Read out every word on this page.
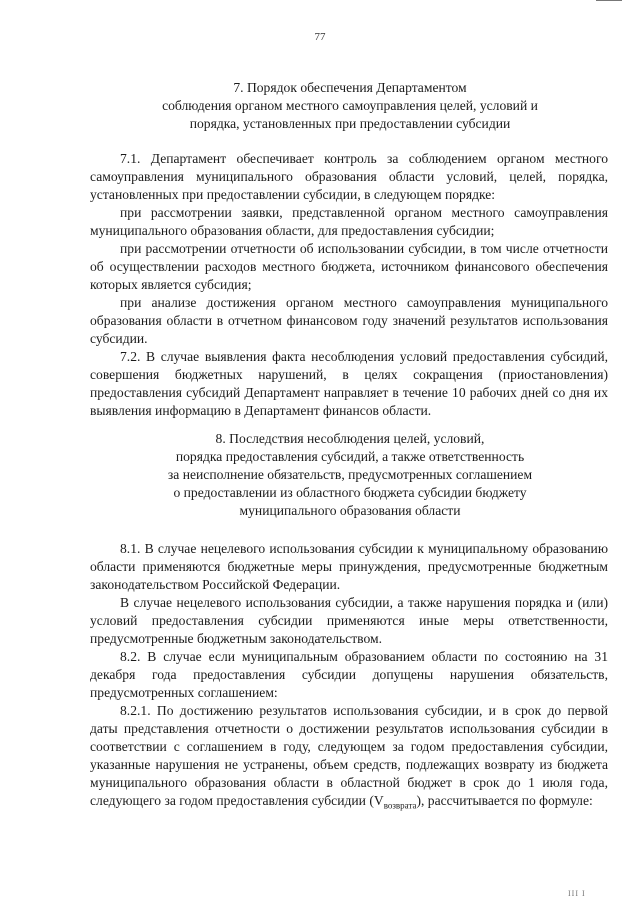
77
7. Порядок обеспечения Департаментом
соблюдения органом местного самоуправления целей, условий и
порядка, установленных при предоставлении субсидии

7.1. Департамент обеспечивает контроль за соблюдением органом местного самоуправления муниципального образования области условий, целей, порядка, установленных при предоставлении субсидии, в следующем порядке:

при рассмотрении заявки, представленной органом местного самоуправления муниципального образования области, для предоставления субсидии;

при рассмотрении отчетности об использовании субсидии, в том числе отчетности об осуществлении расходов местного бюджета, источником финансового обеспечения которых является субсидия;

при анализе достижения органом местного самоуправления муниципального образования области в отчетном финансовом году значений результатов использования субсидии.

7.2. В случае выявления факта несоблюдения условий предоставления субсидий, совершения бюджетных нарушений, в целях сокращения (приостановления) предоставления субсидий Департамент направляет в течение 10 рабочих дней со дня их выявления информацию в Департамент финансов области.

8. Последствия несоблюдения целей, условий,
порядка предоставления субсидий, а также ответственность
за неисполнение обязательств, предусмотренных соглашением
о предоставлении из областного бюджета субсидии бюджету
муниципального образования области

8.1. В случае нецелевого использования субсидии к муниципальному образованию области применяются бюджетные меры принуждения, предусмотренные бюджетным законодательством Российской Федерации.

В случае нецелевого использования субсидии, а также нарушения порядка и (или) условий предоставления субсидии применяются иные меры ответственности, предусмотренные бюджетным законодательством.

8.2. В случае если муниципальным образованием области по состоянию на 31 декабря года предоставления субсидии допущены нарушения обязательств, предусмотренных соглашением:

8.2.1. По достижению результатов использования субсидии, и в срок до первой даты представления отчетности о достижении результатов использования субсидии в соответствии с соглашением в году, следующем за годом предоставления субсидии, указанные нарушения не устранены, объем средств, подлежащих возврату из бюджета муниципального образования области в областной бюджет в срок до 1 июля года, следующего за годом предоставления субсидии $(V_{возврата})$, рассчитывается по формуле:

III I
